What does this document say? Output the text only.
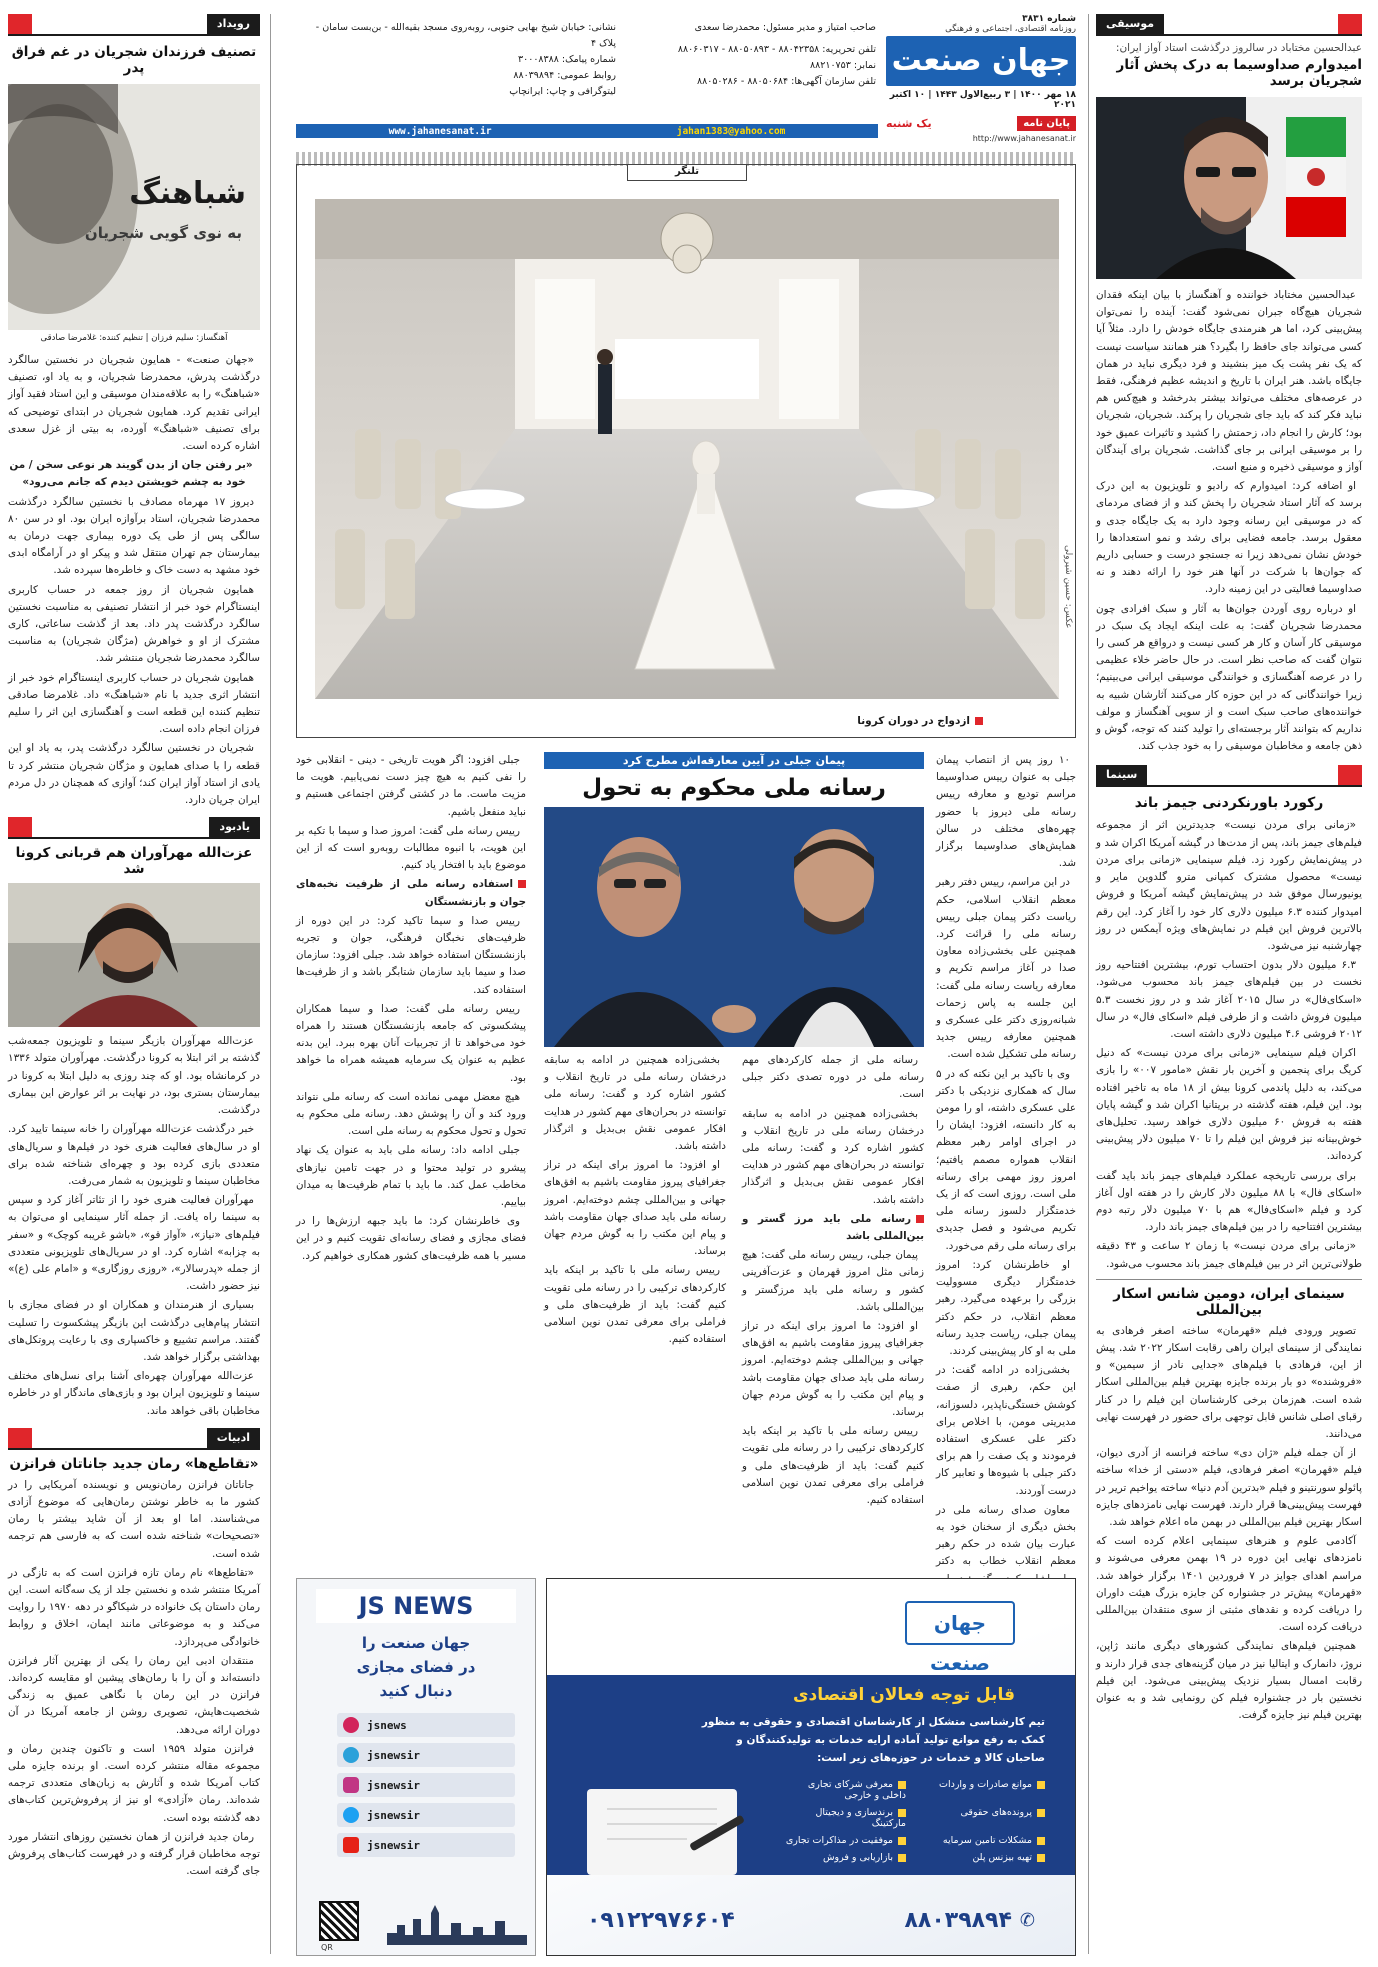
موسیقی
عبدالحسین مختاباد در سالروز درگذشت استاد آواز ایران:
امیدوارم صداوسیما به درک پخش آثار شجریان برسد

عبدالحسین مختاباد خواننده و آهنگساز با بیان اینکه فقدان شجریان هیچ‌گاه جبران نمی‌شود گفت: آینده را نمی‌توان پیش‌بینی کرد، اما هر هنرمندی جایگاه خودش را دارد. مثلاً آیا کسی می‌تواند جای حافظ را بگیرد؟ هنر همانند سیاست نیست که یک نفر پشت یک میز بنشیند و فرد دیگری نباید در همان جایگاه باشد. هنر ایران با تاریخ و اندیشه عظیم فرهنگی، فقط در عرصه‌های مختلف می‌تواند بیشتر بدرخشد و هیچ‌کس هم نباید فکر کند که باید جای شجریان را پرکند. شجریان، شجریان بود؛ کارش را انجام داد، زحمتش را کشید و تاثیرات عمیق خود را بر موسیقی ایرانی بر جای گذاشت. شجریان برای آیندگان آواز و موسیقی ذخیره و منبع است.

او اضافه کرد: امیدوارم که رادیو و تلویزیون به این درک برسد که آثار استاد شجریان را پخش کند و از فضای مردمای که در موسیقی این رسانه وجود دارد به یک جایگاه جدی و معقول برسد. جامعه فضایی برای رشد و نمو استعدادها را خودش نشان نمی‌دهد زیرا نه جستجو درست و حسابی داریم که جوان‌ها با شرکت در آنها هنر خود را ارائه دهند و نه صداوسیما فعالیتی در این زمینه دارد.

او درباره روی آوردن جوان‌ها به آثار و سبک افرادی چون محمدرضا شجریان گفت: به علت اینکه ایجاد یک سبک در موسیقی کار آسان و کار هر کسی نیست و درواقع هر کسی را نتوان گفت که صاحب نظر است. در حال حاضر خلاء عظیمی را در عرصه آهنگسازی و خوانندگی موسیقی ایرانی می‌بینیم؛ زیرا خوانندگانی که در این حوزه کار می‌کنند آثارشان شبیه به خواننده‌های صاحب سبک است و از سویی آهنگساز و مولف نداریم که بتوانند آثار برجسته‌ای را تولید کنند که توجه، گوش و ذهن جامعه و مخاطبان موسیقی را به خود جذب کند.

سینما
رکورد باورنکردنی جیمز باند

«زمانی برای مردن نیست» جدیدترین اثر از مجموعه فیلم‌های جیمز باند، پس از مدت‌ها در گیشه آمریکا اکران شد و در پیش‌نمایش رکورد زد. فیلم سینمایی «زمانی برای مردن نیست» محصول مشترک کمپانی مترو گلدوین مایر و یونیورسال موفق شد در پیش‌نمایش گیشه آمریکا و فروش امیدوار کننده ۶.۳ میلیون دلاری کار خود را آغاز کرد. این رقم بالاترین فروش این فیلم در نمایش‌های ویژه آیمکس در روز چهارشنبه نیز می‌شود.

۶.۳ میلیون دلار بدون احتساب تورم، بیشترین افتتاحیه روز نخست در بین فیلم‌های جیمز باند محسوب می‌شود. «اسکای‌فال» در سال ۲۰۱۵ آغاز شد و در روز نخست ۵.۳ میلیون فروش داشت و از طرفی فیلم «اسکای فال» در سال ۲۰۱۲ فروشی ۴.۶ میلیون دلاری داشته است.

اکران فیلم سینمایی «زمانی برای مردن نیست» که دنیل کریگ برای پنجمین و آخرین بار نقش «مامور ۰۰۷» را بازی می‌کند، به دلیل پاندمی کرونا بیش از ۱۸ ماه به تاخیر افتاده بود. این فیلم، هفته گذشته در بریتانیا اکران شد و گیشه پایان هفته به فروش ۶۰ میلیون دلاری خواهد رسید. تحلیل‌های خوش‌بینانه نیز فروش این فیلم را تا ۷۰ میلیون دلار پیش‌بینی کرده‌اند.

برای بررسی تاریخچه عملکرد فیلم‌های جیمز باند باید گفت «اسکای فال» با ۸۸ میلیون دلار کارش را در هفته اول آغاز کرد و فیلم «اسکای‌فال» هم با ۷۰ میلیون دلار رتبه دوم بیشترین افتتاحیه را در بین فیلم‌های جیمز باند دارد.

«زمانی برای مردن نیست» با زمان ۲ ساعت و ۴۳ دقیقه طولانی‌ترین اثر در بین فیلم‌های جیمز باند محسوب می‌شود.

سینمای ایران، دومین شانس اسکار بین‌المللی

تصویر ورودی فیلم «قهرمان» ساخته اصغر فرهادی به نمایندگی از سینمای ایران راهی رقابت اسکار ۲۰۲۲ شد. پیش از این، فرهادی با فیلم‌های «جدایی نادر از سیمین» و «فروشنده» دو بار برنده جایزه بهترین فیلم بین‌المللی اسکار شده است. هم‌زمان برخی کارشناسان این فیلم را در کنار رقبای اصلی شانس قابل توجهی برای حضور در فهرست نهایی می‌دانند.

از آن جمله فیلم «ژان دی» ساخته فرانسه از آدری دیوان، فیلم «قهرمان» اصغر فرهادی، فیلم «دستی از خدا» ساخته پائولو سورنتینو و فیلم «بدترین آدم دنیا» ساخته یواخیم تریر در فهرست پیش‌بینی‌ها قرار دارند. فهرست نهایی نامزدهای جایزه اسکار بهترین فیلم بین‌المللی در بهمن ماه اعلام خواهد شد.

آکادمی علوم و هنرهای سینمایی اعلام کرده است که نامزدهای نهایی این دوره در ۱۹ بهمن معرفی می‌شوند و مراسم اهدای جوایز در ۷ فروردین ۱۴۰۱ برگزار خواهد شد. «قهرمان» پیش‌تر در جشنواره کن جایزه بزرگ هیئت داوران را دریافت کرده و نقدهای مثبتی از سوی منتقدان بین‌المللی دریافت کرده است.

همچنین فیلم‌های نمایندگی کشورهای دیگری مانند ژاپن، نروژ، دانمارک و ایتالیا نیز در میان گزینه‌های جدی قرار دارند و رقابت امسال بسیار نزدیک پیش‌بینی می‌شود. این فیلم نخستین بار در جشنواره فیلم کن رونمایی شد و به عنوان بهترین فیلم نیز جایزه گرفت.

شماره ۳۸۳۱
روزنامه اقتصادی، اجتماعی و فرهنگی
جهان صنعت
۱۸ مهر ۱۴۰۰ | ۳ ربیع‌الاول ۱۴۴۳ | ۱۰ اکتبر ۲۰۲۱
پایان نامه
یک شنبه
http://www.jahanesanat.ir
صاحب امتیاز و مدیر مسئول: محمدرضا سعدی
تلفن تحریریه: ۸۸۰۴۲۳۵۸ - ۸۸۰۵۰۸۹۳ - ۸۸۰۶۰۳۱۷
نمابر: ۸۸۲۱۰۷۵۳
تلفن سازمان آگهی‌ها: ۸۸۰۵۰۶۸۴ - ۸۸۰۵۰۲۸۶
نشانی: خیابان شیخ بهایی جنوبی، روبه‌روی مسجد بقیه‌الله - بن‌بست سامان - پلاک ۴
شماره پیامک: ۳۰۰۰۸۳۸۸
روابط عمومی: ۸۸۰۳۹۸۹۴
لیتوگرافی و چاپ: ایرانچاپ
www.jahanesanat.ir	jahan1383@yahoo.com
تلنگر
ازدواج در دوران کرونا
عکس: حسین شیرولی

۱۰ روز پس از انتصاب پیمان جبلی به عنوان رییس صداوسیما مراسم تودیع و معارفه رییس رسانه ملی دیروز با حضور چهره‌های مختلف در سالن همایش‌های صداوسیما برگزار شد.

در این مراسم، رییس دفتر رهبر معظم انقلاب اسلامی، حکم ریاست دکتر پیمان جبلی رییس رسانه ملی را قرائت کرد. همچنین علی بخشی‌زاده معاون صدا در آغاز مراسم تکریم و معارفه ریاست رسانه ملی گفت: این جلسه به پاس زحمات شبانه‌روزی دکتر علی عسکری و همچنین معارفه رییس جدید رسانه ملی تشکیل شده است.

وی با تاکید بر این نکته که در ۵ سال که همکاری نزدیکی با دکتر علی عسکری داشته، او را مومن به کار دانسته، افزود: ایشان را در اجرای اوامر رهبر معظم انقلاب همواره مصمم یافتیم؛ امروز روز مهمی برای رسانه ملی است. روزی است که از یک خدمتگزار دلسوز رسانه ملی تکریم می‌شود و فصل جدیدی برای رسانه ملی رقم می‌خورد.

او خاطرنشان کرد: امروز خدمتگزار دیگری مسوولیت بزرگی را برعهده می‌گیرد. رهبر معظم انقلاب، در حکم دکتر پیمان جبلی، ریاست جدید رسانه ملی به او کار پیش‌بینی کردند.

بخشی‌زاده در ادامه گفت: در این حکم، رهبری از صفت کوشش خستگی‌ناپذیر، دلسوزانه، مدیریتی مومن، با اخلاص برای دکتر علی عسکری استفاده فرمودند و یک صفت را هم برای دکتر جبلی با شیوه‌ها و تعابیر کار درست آوردند.

معاون صدای رسانه ملی در بخش دیگری از سخنان خود به عبارت بیان شده در حکم رهبر معظم انقلاب خطاب به دکتر

پیمان جبلی در آیین معارفه‌اش مطرح کرد
رسانه ملی محکوم به تحول

رسانه ملی از جمله کارکردهای مهم رسانه ملی در دوره تصدی دکتر جبلی است.

بخشی‌زاده همچنین در ادامه به سابقه درخشان رسانه ملی در تاریخ انقلاب و کشور اشاره کرد و گفت: رسانه ملی توانسته در بحران‌های مهم کشور در هدایت افکار عمومی نقش بی‌بدیل و اثرگذار داشته باشد.

رسانه ملی باید مرز گستر و بین‌المللی باشد

پیمان جبلی، رییس رسانه ملی گفت: هیچ زمانی مثل امروز قهرمان و عزت‌آفرینی کشور و رسانه ملی باید مرزگستر و بین‌المللی باشد.

او افزود: ما امروز برای اینکه در تراز جغرافیای پیروز مقاومت باشیم به افق‌های جهانی و بین‌المللی چشم دوخته‌ایم. امروز رسانه ملی باید صدای جهان مقاومت باشد و پیام این مکتب را به گوش مردم جهان برساند.

رییس رسانه ملی با تاکید بر اینکه باید کارکردهای ترکیبی را در رسانه ملی تقویت کنیم گفت: باید از ظرفیت‌های ملی و فراملی برای معرفی تمدن نوین اسلامی استفاده کنیم.

بخشی‌زاده همچنین در ادامه به سابقه درخشان رسانه ملی در تاریخ انقلاب و کشور اشاره کرد و گفت: رسانه ملی توانسته در بحران‌های مهم کشور در هدایت افکار عمومی نقش بی‌بدیل و اثرگذار داشته باشد.

او افزود: ما امروز برای اینکه در تراز جغرافیای پیروز مقاومت باشیم به افق‌های جهانی و بین‌المللی چشم دوخته‌ایم. امروز رسانه ملی باید صدای جهان مقاومت باشد و پیام این مکتب را به گوش مردم جهان برساند.

رییس رسانه ملی با تاکید بر اینکه باید کارکردهای ترکیبی را در رسانه ملی تقویت کنیم گفت: باید از ظرفیت‌های ملی و فراملی برای معرفی تمدن نوین اسلامی استفاده کنیم.

جبلی افزود: اگر هویت تاریخی - دینی - انقلابی خود را نفی کنیم به هیچ چیز دست نمی‌یابیم. هویت ما مزیت ماست. ما در کشتی گرفتن اجتماعی هستیم و نباید منفعل باشیم.

رییس رسانه ملی گفت: امروز صدا و سیما با تکیه بر این هویت، با انبوه مطالبات روبه‌رو است که از این موضوع باید با افتخار یاد کنیم.

استفاده رسانه ملی از ظرفیت نخبه‌های جوان و بازنشستگان

رییس صدا و سیما تاکید کرد: در این دوره از ظرفیت‌های نخبگان فرهنگی، جوان و تجربه بازنشستگان استفاده خواهد شد. جبلی افزود: سازمان صدا و سیما باید سازمان شتابگر باشد و از ظرفیت‌ها استفاده کند.

رییس رسانه ملی گفت: صدا و سیما همکاران پیشکسوتی که جامعه بازنشستگان هستند را همراه خود می‌خواهد تا از تجربیات آنان بهره ببرد. این بدنه عظیم به عنوان یک سرمایه همیشه همراه ما خواهد بود.

هیچ معضل مهمی نمانده است که رسانه ملی نتواند ورود کند و آن را پوشش دهد. رسانه ملی محکوم به تحول و تحول محکوم به رسانه ملی است.

جبلی ادامه داد: رسانه ملی باید به عنوان یک نهاد پیشرو در تولید محتوا و در جهت تامین نیازهای مخاطب عمل کند. ما باید با تمام ظرفیت‌ها به میدان بیاییم.

وی خاطرنشان کرد: ما باید جبهه ارزش‌ها را در فضای مجازی و فضای رسانه‌ای تقویت کنیم و در این مسیر با همه ظرفیت‌های کشور همکاری خواهیم کرد.

جهان صنعت
قابل توجه فعالان اقتصادی
تیم کارشناسی متشکل از کارشناسان اقتصادی و حقوقی به منظور
کمک به رفع موانع تولید آماده ارایه خدمات به تولیدکنندگان و
صاحبان کالا و خدمات در حوزه‌های زیر است:
موانع صادرات و واردات
معرفی شرکای تجاری داخلی و خارجی
پرونده‌های حقوقی
برندسازی و دیجیتال مارکتینگ
مشکلات تامین سرمایه
موفقیت در مذاکرات تجاری
تهیه بیزنس پلن
بازاریابی و فروش
✆
۸۸۰۳۹۸۹۴
۰۹۱۲۲۹۷۶۶۰۴
JS NEWS
جهان صنعت را
در فضای مجازی
دنبال کنید
jsnews
jsnewsir
jsnewsir
jsnewsir
jsnewsir
QR
رویداد
تصنیف فرزندان شجریان در غم فراق پدر
شباهنگ
به نوی گویی شجریان
آهنگساز: سلیم فرزان | تنظیم کننده: غلامرضا صادقی

«جهان صنعت» - همایون شجریان در نخستین سالگرد درگذشت پدرش، محمدرضا شجریان، و به یاد او، تصنیف «شباهنگ» را به علاقه‌مندان موسیقی و این استاد فقید آواز ایرانی تقدیم کرد. همایون شجریان در ابتدای توضیحی که برای تصنیف «شباهنگ» آورده، به بیتی از غزل سعدی اشاره کرده است.

«بر رفتن جان از بدن گویند هر نوعی سخن / من خود به چشم خویشتن دیدم که جانم می‌رود»

دیروز ۱۷ مهرماه مصادف با نخستین سالگرد درگذشت محمدرضا شجریان، استاد برآوازه ایران بود. او در سن ۸۰ سالگی پس از طی یک دوره بیماری جهت درمان به بیمارستان جم تهران منتقل شد و پیکر او در آرامگاه ابدی خود مشهد به دست خاک و خاطره‌ها سپرده شد.

همایون شجریان از روز جمعه در حساب کاربری اینستاگرام خود خبر از انتشار تصنیفی به مناسبت نخستین سالگرد درگذشت پدر داد. بعد از گذشت ساعاتی، کاری مشترک از او و خواهرش (مژگان شجریان) به مناسبت سالگرد محمدرضا شجریان منتشر شد.

همایون شجریان در حساب کاربری اینستاگرام خود خبر از انتشار اثری جدید با نام «شباهنگ» داد. غلامرضا صادقی تنظیم کننده این قطعه است و آهنگسازی این اثر را سلیم فرزان انجام داده است.

شجریان در نخستین سالگرد درگذشت پدر، به یاد او این قطعه را با صدای همایون و مژگان شجریان منتشر کرد تا یادی از استاد آواز ایران کند؛ آوازی که همچنان در دل مردم ایران جریان دارد.

یادبود
عزت‌الله مهرآوران هم قربانی کرونا شد

عزت‌الله مهرآوران بازیگر سینما و تلویزیون جمعه‌شب گذشته بر اثر ابتلا به کرونا درگذشت. مهرآوران متولد ۱۳۳۶ در کرمانشاه بود. او که چند روزی به دلیل ابتلا به کرونا در بیمارستان بستری بود، در نهایت بر اثر عوارض این بیماری درگذشت.

خبر درگذشت عزت‌الله مهرآوران را خانه سینما تایید کرد. او در سال‌های فعالیت هنری خود در فیلم‌ها و سریال‌های متعددی بازی کرده بود و چهره‌ای شناخته شده برای مخاطبان سینما و تلویزیون به شمار می‌رفت.

مهرآوران فعالیت هنری خود را از تئاتر آغاز کرد و سپس به سینما راه یافت. از جمله آثار سینمایی او می‌توان به فیلم‌های «نیاز»، «آواز قو»، «باشو غریبه کوچک» و «سفر به چزابه» اشاره کرد. او در سریال‌های تلویزیونی متعددی از جمله «پدرسالار»، «روزی روزگاری» و «امام علی (ع)» نیز حضور داشت.

بسیاری از هنرمندان و همکاران او در فضای مجازی با انتشار پیام‌هایی درگذشت این بازیگر پیشکسوت را تسلیت گفتند. مراسم تشییع و خاکسپاری وی با رعایت پروتکل‌های بهداشتی برگزار خواهد شد.

عزت‌الله مهرآوران چهره‌ای آشنا برای نسل‌های مختلف سینما و تلویزیون ایران بود و بازی‌های ماندگار او در خاطره مخاطبان باقی خواهد ماند.

ادبیات
«تقاطع‌ها» رمان جدید جاناتان فرانزن

جاناتان فرانزن رمان‌نویس و نویسنده آمریکایی را در کشور ما به خاطر نوشتن رمان‌هایی که موضوع آزادی می‌شناسند. اما او بعد از آن شاید بیشتر با رمان «تصحیحات» شناخته شده است که به فارسی هم ترجمه شده است.

«تقاطع‌ها» نام رمان تازه فرانزن است که به تازگی در آمریکا منتشر شده و نخستین جلد از یک سه‌گانه است. این رمان داستان یک خانواده در شیکاگو در دهه ۱۹۷۰ را روایت می‌کند و به موضوعاتی مانند ایمان، اخلاق و روابط خانوادگی می‌پردازد.

منتقدان ادبی این رمان را یکی از بهترین آثار فرانزن دانسته‌اند و آن را با رمان‌های پیشین او مقایسه کرده‌اند. فرانزن در این رمان با نگاهی عمیق به زندگی شخصیت‌هایش، تصویری روشن از جامعه آمریکا در آن دوران ارائه می‌دهد.

فرانزن متولد ۱۹۵۹ است و تاکنون چندین رمان و مجموعه مقاله منتشر کرده است. او برنده جایزه ملی کتاب آمریکا شده و آثارش به زبان‌های متعددی ترجمه شده‌اند. رمان «آزادی» او نیز از پرفروش‌ترین کتاب‌های دهه گذشته بوده است.

رمان جدید فرانزن از همان نخستین روزهای انتشار مورد توجه مخاطبان قرار گرفته و در فهرست کتاب‌های پرفروش جای گرفته است.
